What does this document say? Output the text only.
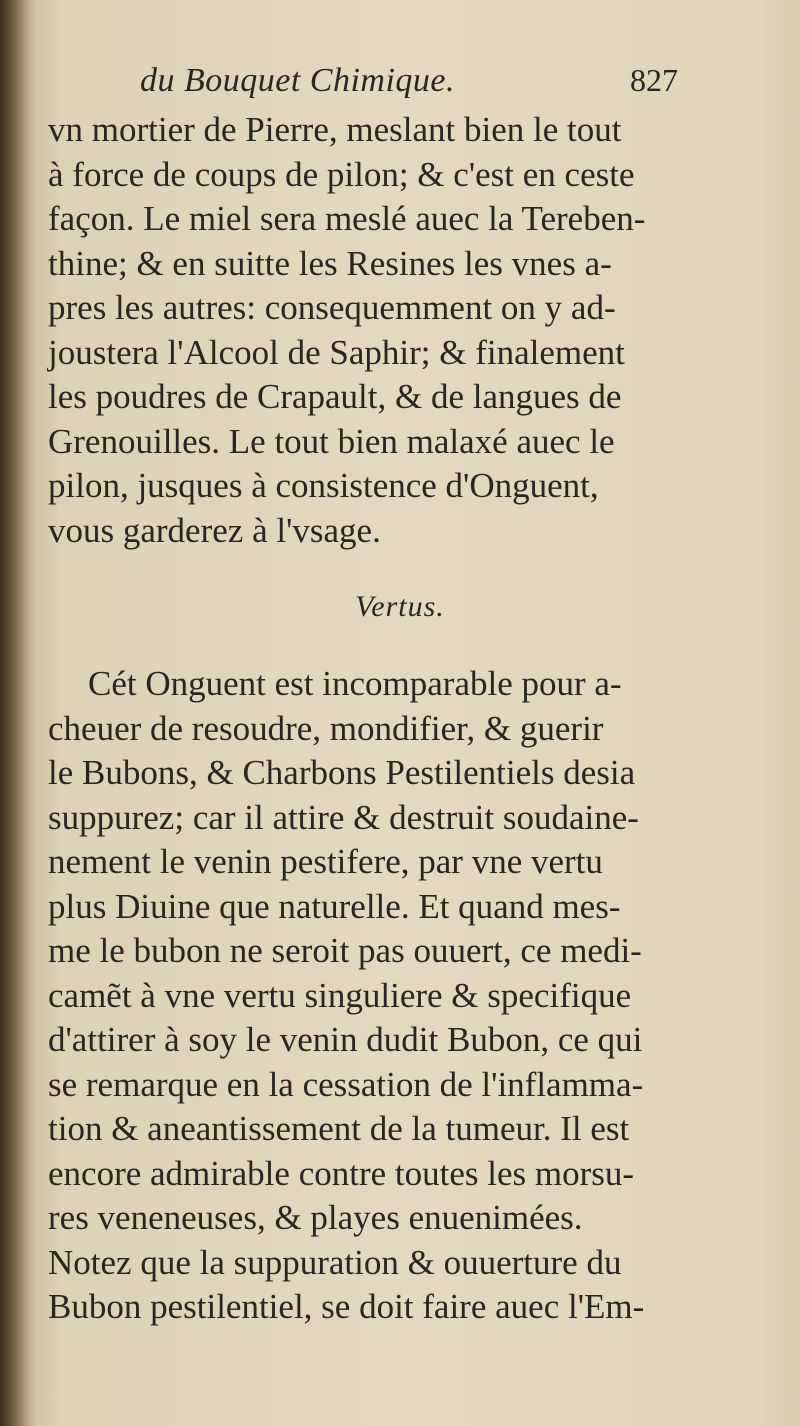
du Bouquet Chimique.	827
vn mortier de Pierre, meslant bien le tout
à force de coups de pilon; & c'est en ceste
façon. Le miel sera meslé auec la Tereben-
thine; & en suitte les Resines les vnes a-
pres les autres: consequemment on y ad-
joustera l'Alcool de Saphir; & finalement
les poudres de Crapault, & de langues de
Grenouilles. Le tout bien malaxé auec le
pilon, jusques à consistence d'Onguent,
vous garderez à l'vsage.
Vertus.
Cét Onguent est incomparable pour a-
cheuer de resoudre, mondifier, & guerir
le Bubons, & Charbons Pestilentiels desia
suppurez; car il attire & destruit soudaine-
nement le venin pestifere, par vne vertu
plus Diuine que naturelle. Et quand mes-
me le bubon ne seroit pas ouuert, ce medi-
camẽt à vne vertu singuliere & specifique
d'attirer à soy le venin dudit Bubon, ce qui
se remarque en la cessation de l'inflamma-
tion & aneantissement de la tumeur. Il est
encore admirable contre toutes les morsu-
res veneneuses, & playes enuenimées.
Notez que la suppuration & ouuerture du
Bubon pestilentiel, se doit faire auec l'Em-
